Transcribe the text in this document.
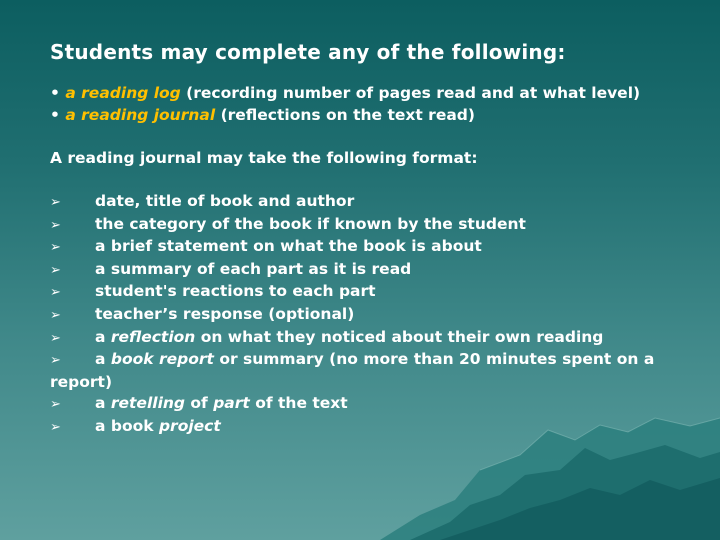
Students may complete any of the following:
• a reading log (recording number of pages read and at what level)
• a reading journal (reflections on the text read)
A reading journal may take the following format:
➢ date, title of book and author
➢ the category of the book if known by the student
➢ a brief statement on what the book is about
➢ a summary of each part as it is read
➢ student's reactions to each part
➢ teacher’s response (optional)
➢ a reflection on what they noticed about their own reading
➢ a book report or summary (no more than 20 minutes spent on a report)
➢ a retelling of part of the text
➢ a book project
